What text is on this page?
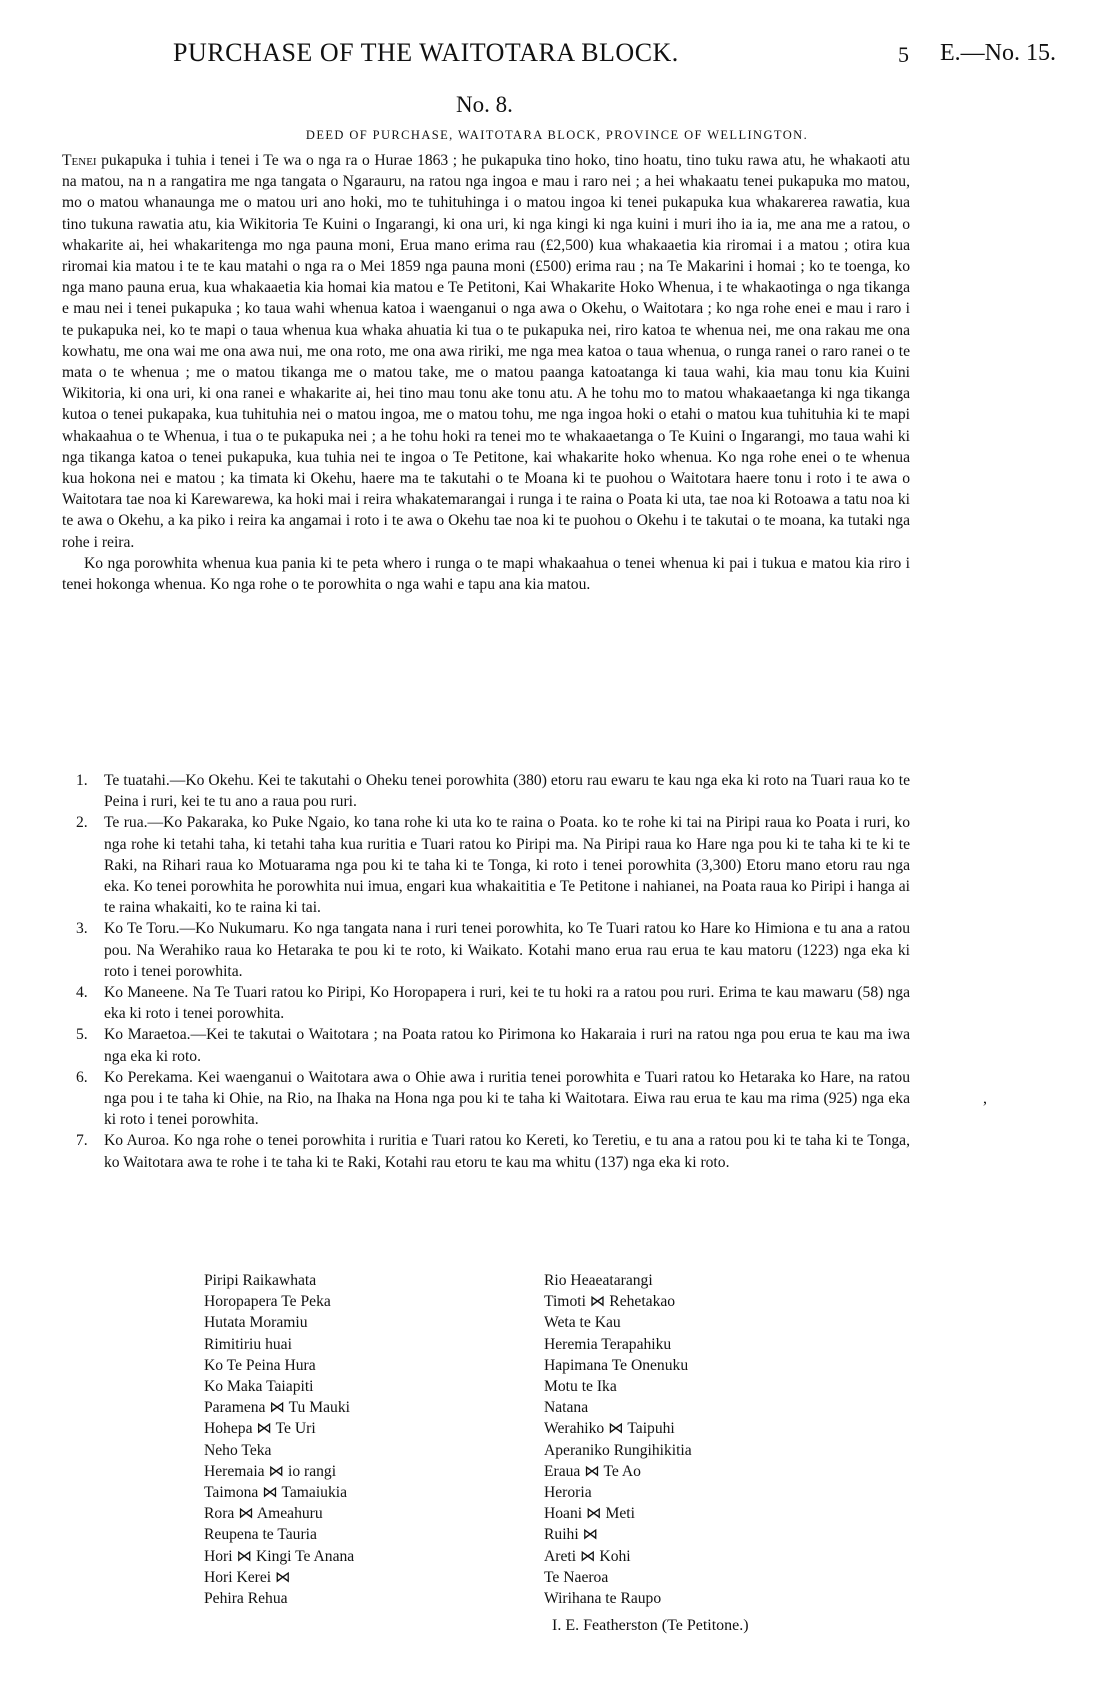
PURCHASE OF THE WAITOTARA BLOCK.	5 E.—No. 15.
No. 8.
DEED OF PURCHASE, WAITOTARA BLOCK, PROVINCE OF WELLINGTON.

Tenei pukapuka i tuhia i tenei i Te wa o nga ra o Hurae 1863 ; he pukapuka tino hoko, tino hoatu, tino tuku rawa atu, he whakaoti atu na matou, na n a rangatira me nga tangata o Ngarauru, na ratou nga ingoa e mau i raro nei ; a hei whakaatu tenei pukapuka mo matou, mo o matou whanaunga me o matou uri ano hoki, mo te tuhituhinga i o matou ingoa ki tenei pukapuka kua whakarerea rawatia, kua tino tukuna rawatia atu, kia Wikitoria Te Kuini o Ingarangi, ki ona uri, ki nga kingi ki nga kuini i muri iho ia ia, me ana me a ratou, o whakarite ai, hei whakaritenga mo nga pauna moni, Erua mano erima rau (£2,500) kua whakaaetia kia riromai i a matou ; otira kua riromai kia matou i te te kau matahi o nga ra o Mei 1859 nga pauna moni (£500) erima rau ; na Te Makarini i homai ; ko te toenga, ko nga mano pauna erua, kua whakaaetia kia homai kia matou e Te Petitoni, Kai Whakarite Hoko Whenua, i te whakaotinga o nga tikanga e mau nei i tenei pukapuka ; ko taua wahi whenua katoa i waenganui o nga awa o Okehu, o Waitotara ; ko nga rohe enei e mau i raro i te pukapuka nei, ko te mapi o taua whenua kua whaka ahuatia ki tua o te pukapuka nei, riro katoa te whenua nei, me ona rakau me ona kowhatu, me ona wai me ona awa nui, me ona roto, me ona awa ririki, me nga mea katoa o taua whenua, o runga ranei o raro ranei o te mata o te whenua ; me o matou tikanga me o matou take, me o matou paanga katoatanga ki taua wahi, kia mau tonu kia Kuini Wikitoria, ki ona uri, ki ona ranei e whakarite ai, hei tino mau tonu ake tonu atu. A he tohu mo to matou whakaaetanga ki nga tikanga kutoa o tenei pukapaka, kua tuhituhia nei o matou ingoa, me o matou tohu, me nga ingoa hoki o etahi o matou kua tuhituhia ki te mapi whakaahua o te Whenua, i tua o te pukapuka nei ; a he tohu hoki ra tenei mo te whakaaetanga o Te Kuini o Ingarangi, mo taua wahi ki nga tikanga katoa o tenei pukapuka, kua tuhia nei te ingoa o Te Petitone, kai whakarite hoko whenua. Ko nga rohe enei o te whenua kua hokona nei e matou ; ka timata ki Okehu, haere ma te takutahi o te Moana ki te puohou o Waitotara haere tonu i roto i te awa o Waitotara tae noa ki Karewarewa, ka hoki mai i reira whakatemarangai i runga i te raina o Poata ki uta, tae noa ki Rotoawa a tatu noa ki te awa o Okehu, a ka piko i reira ka angamai i roto i te awa o Okehu tae noa ki te puohou o Okehu i te takutai o te moana, ka tutaki nga rohe i reira.

Ko nga porowhita whenua kua pania ki te peta whero i runga o te mapi whakaahua o tenei whenua ki pai i tukua e matou kia riro i tenei hokonga whenua. Ko nga rohe o te porowhita o nga wahi e tapu ana kia matou.

1. Te tuatahi.—Ko Okehu. Kei te takutahi o Oheku tenei porowhita (380) etoru rau ewaru te kau nga eka ki roto na Tuari raua ko te Peina i ruri, kei te tu ano a raua pou ruri.
2. Te rua.—Ko Pakaraka, ko Puke Ngaio, ko tana rohe ki uta ko te raina o Poata. ko te rohe ki tai na Piripi raua ko Poata i ruri, ko nga rohe ki tetahi taha, ki tetahi taha kua ruritia e Tuari ratou ko Piripi ma. Na Piripi raua ko Hare nga pou ki te taha ki te ki te Raki, na Rihari raua ko Motuarama nga pou ki te taha ki te Tonga, ki roto i tenei porowhita (3,300) Etoru mano etoru rau nga eka. Ko tenei porowhita he porowhita nui imua, engari kua whakaititia e Te Petitone i nahianei, na Poata raua ko Piripi i hanga ai te raina whakaiti, ko te raina ki tai.
3. Ko Te Toru.—Ko Nukumaru. Ko nga tangata nana i ruri tenei porowhita, ko Te Tuari ratou ko Hare ko Himiona e tu ana a ratou pou. Na Werahiko raua ko Hetaraka te pou ki te roto, ki Waikato. Kotahi mano erua rau erua te kau matoru (1223) nga eka ki roto i tenei porowhita.
4. Ko Maneene. Na Te Tuari ratou ko Piripi, Ko Horopapera i ruri, kei te tu hoki ra a ratou pou ruri. Erima te kau mawaru (58) nga eka ki roto i tenei porowhita.
5. Ko Maraetoa.—Kei te takutai o Waitotara ; na Poata ratou ko Pirimona ko Hakaraia i ruri na ratou nga pou erua te kau ma iwa nga eka ki roto.
6. Ko Perekama. Kei waenganui o Waitotara awa o Ohie awa i ruritia tenei porowhita e Tuari ratou ko Hetaraka ko Hare, na ratou nga pou i te taha ki Ohie, na Rio, na Ihaka na Hona nga pou ki te taha ki Waitotara. Eiwa rau erua te kau ma rima (925) nga eka ki roto i tenei porowhita.
7. Ko Auroa. Ko nga rohe o tenei porowhita i ruritia e Tuari ratou ko Kereti, ko Teretiu, e tu ana a ratou pou ki te taha ki te Tonga, ko Waitotara awa te rohe i te taha ki te Raki, Kotahi rau etoru te kau ma whitu (137) nga eka ki roto.
Piripi Raikawhata
Horopapera Te Peka
Hutata Moramiu
Rimitiriu huai
Ko Te Peina Hura
Ko Maka Taiapiti
Paramena ⋈ Tu Mauki
Hohepa ⋈ Te Uri
Neho Teka
Heremaia ⋈ io rangi
Taimona ⋈ Tamaiukia
Rora ⋈ Ameahuru
Reupena te Tauria
Hori ⋈ Kingi Te Anana
Hori Kerei ⋈
Pehira Rehua
Rio Heaeatarangi
Timoti ⋈ Rehetakao
Weta te Kau
Heremia Terapahiku
Hapimana Te Onenuku
Motu te Ika
Natana
Werahiko ⋈ Taipuhi
Aperaniko Rungihikitia
Eraua ⋈ Te Ao
Heroria
Hoani ⋈ Meti
Ruihi ⋈
Areti ⋈ Kohi
Te Naeroa
Wirihana te Raupo
I. E. Featherston (Te Petitone.)
,
